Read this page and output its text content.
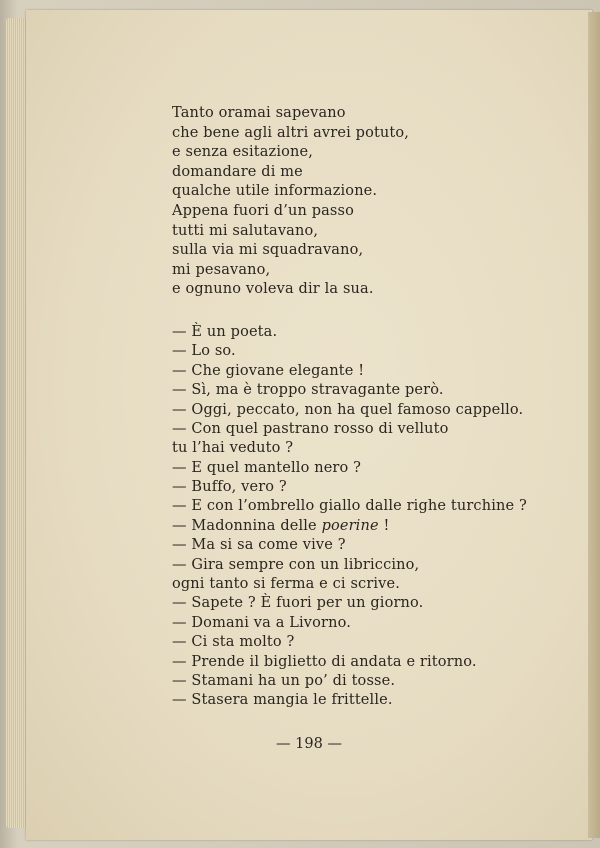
Tanto oramai sapevano
che bene agli altri avrei potuto,
e senza esitazione,
domandare di me
qualche utile informazione.
Appena fuori d’un passo
tutti mi salutavano,
sulla via mi squadravano,
mi pesavano,
e ognuno voleva dir la sua.
— È un poeta.
— Lo so.
— Che giovane elegante !
— Sì, ma è troppo stravagante però.
— Oggi, peccato, non ha quel famoso cappello.
— Con quel pastrano rosso di velluto
tu l’hai veduto ?
— E quel mantello nero ?
— Buffo, vero ?
— E con l’ombrello giallo dalle righe turchine ?
— Madonnina delle poerine !
— Ma si sa come vive ?
— Gira sempre con un libriccino,
ogni tanto si ferma e ci scrive.
— Sapete ? È fuori per un giorno.
— Domani va a Livorno.
— Ci sta molto ?
— Prende il biglietto di andata e ritorno.
— Stamani ha un po’ di tosse.
— Stasera mangia le frittelle.
— 198 —
